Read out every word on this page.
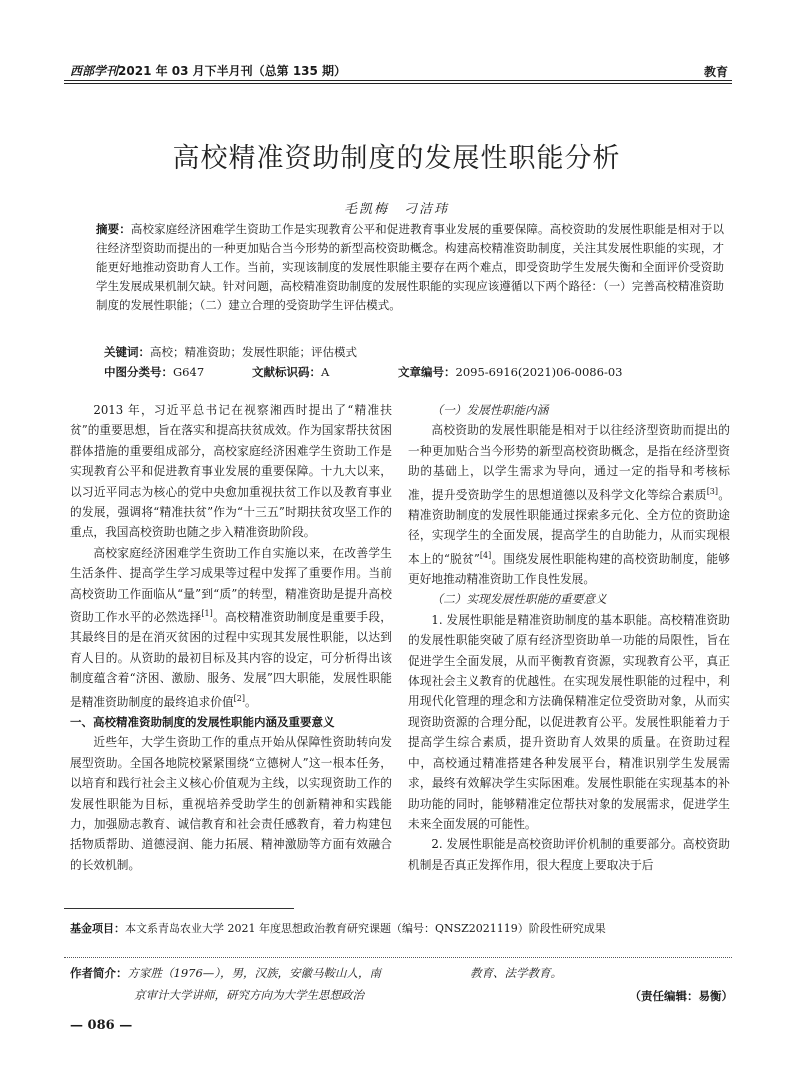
西部学刊2021 年 03 月下半月刊（总第 135 期）	教育
高校精准资助制度的发展性职能分析
毛凯梅　刁洁玮
摘要：高校家庭经济困难学生资助工作是实现教育公平和促进教育事业发展的重要保障。高校资助的发展性职能是相对于以往经济型资助而提出的一种更加贴合当今形势的新型高校资助概念。构建高校精准资助制度，关注其发展性职能的实现，才能更好地推动资助育人工作。当前，实现该制度的发展性职能主要存在两个难点，即受资助学生发展失衡和全面评价受资助学生发展成果机制欠缺。针对问题，高校精准资助制度的发展性职能的实现应该遵循以下两个路径：（一）完善高校精准资助制度的发展性职能；（二）建立合理的受资助学生评估模式。
关键词：高校；精准资助；发展性职能；评估模式
中图分类号：G647	文献标识码：A	文章编号：2095-6916(2021)06-0086-03

2013 年，习近平总书记在视察湘西时提出了“精准扶贫”的重要思想，旨在落实和提高扶贫成效。作为国家帮扶贫困群体措施的重要组成部分，高校家庭经济困难学生资助工作是实现教育公平和促进教育事业发展的重要保障。十九大以来，以习近平同志为核心的党中央愈加重视扶贫工作以及教育事业的发展，强调将“精准扶贫”作为“十三五”时期扶贫攻坚工作的重点，我国高校资助也随之步入精准资助阶段。

高校家庭经济困难学生资助工作自实施以来，在改善学生生活条件、提高学生学习成果等过程中发挥了重要作用。当前高校资助工作面临从“量”到“质”的转型，精准资助是提升高校资助工作水平的必然选择[1]。高校精准资助制度是重要手段，其最终目的是在消灭贫困的过程中实现其发展性职能，以达到育人目的。从资助的最初目标及其内容的设定，可分析得出该制度蕴含着“济困、激励、服务、发展”四大职能，发展性职能是精准资助制度的最终追求价值[2]。

一、高校精准资助制度的发展性职能内涵及重要意义

近些年，大学生资助工作的重点开始从保障性资助转向发展型资助。全国各地院校紧紧围绕“立德树人”这一根本任务，以培育和践行社会主义核心价值观为主线，以实现资助工作的发展性职能为目标，重视培养受助学生的创新精神和实践能力，加强励志教育、诚信教育和社会责任感教育，着力构建包括物质帮助、道德浸润、能力拓展、精神激励等方面有效融合的长效机制。

（一）发展性职能内涵

高校资助的发展性职能是相对于以往经济型资助而提出的一种更加贴合当今形势的新型高校资助概念，是指在经济型资助的基础上，以学生需求为导向，通过一定的指导和考核标准，提升受资助学生的思想道德以及科学文化等综合素质[3]。精准资助制度的发展性职能通过探索多元化、全方位的资助途径，实现学生的全面发展，提高学生的自助能力，从而实现根本上的“脱贫”[4]。围绕发展性职能构建的高校资助制度，能够更好地推动精准资助工作良性发展。

（二）实现发展性职能的重要意义

1. 发展性职能是精准资助制度的基本职能。高校精准资助的发展性职能突破了原有经济型资助单一功能的局限性，旨在促进学生全面发展，从而平衡教育资源，实现教育公平，真正体现社会主义教育的优越性。在实现发展性职能的过程中，利用现代化管理的理念和方法确保精准定位受资助对象，从而实现资助资源的合理分配，以促进教育公平。发展性职能着力于提高学生综合素质，提升资助育人效果的质量。在资助过程中，高校通过精准搭建各种发展平台，精准识别学生发展需求，最终有效解决学生实际困难。发展性职能在实现基本的补助功能的同时，能够精准定位帮扶对象的发展需求，促进学生未来全面发展的可能性。

2. 发展性职能是高校资助评价机制的重要部分。高校资助机制是否真正发挥作用，很大程度上要取决于后

基金项目：本文系青岛农业大学 2021 年度思想政治教育研究课题（编号：QNSZ2021119）阶段性研究成果
作者简介：方家胜（1976—），男，汉族，安徽马鞍山人，南
京审计大学讲师，研究方向为大学生思想政治
教育、法学教育。
（责任编辑：易衡）
— 086 —
